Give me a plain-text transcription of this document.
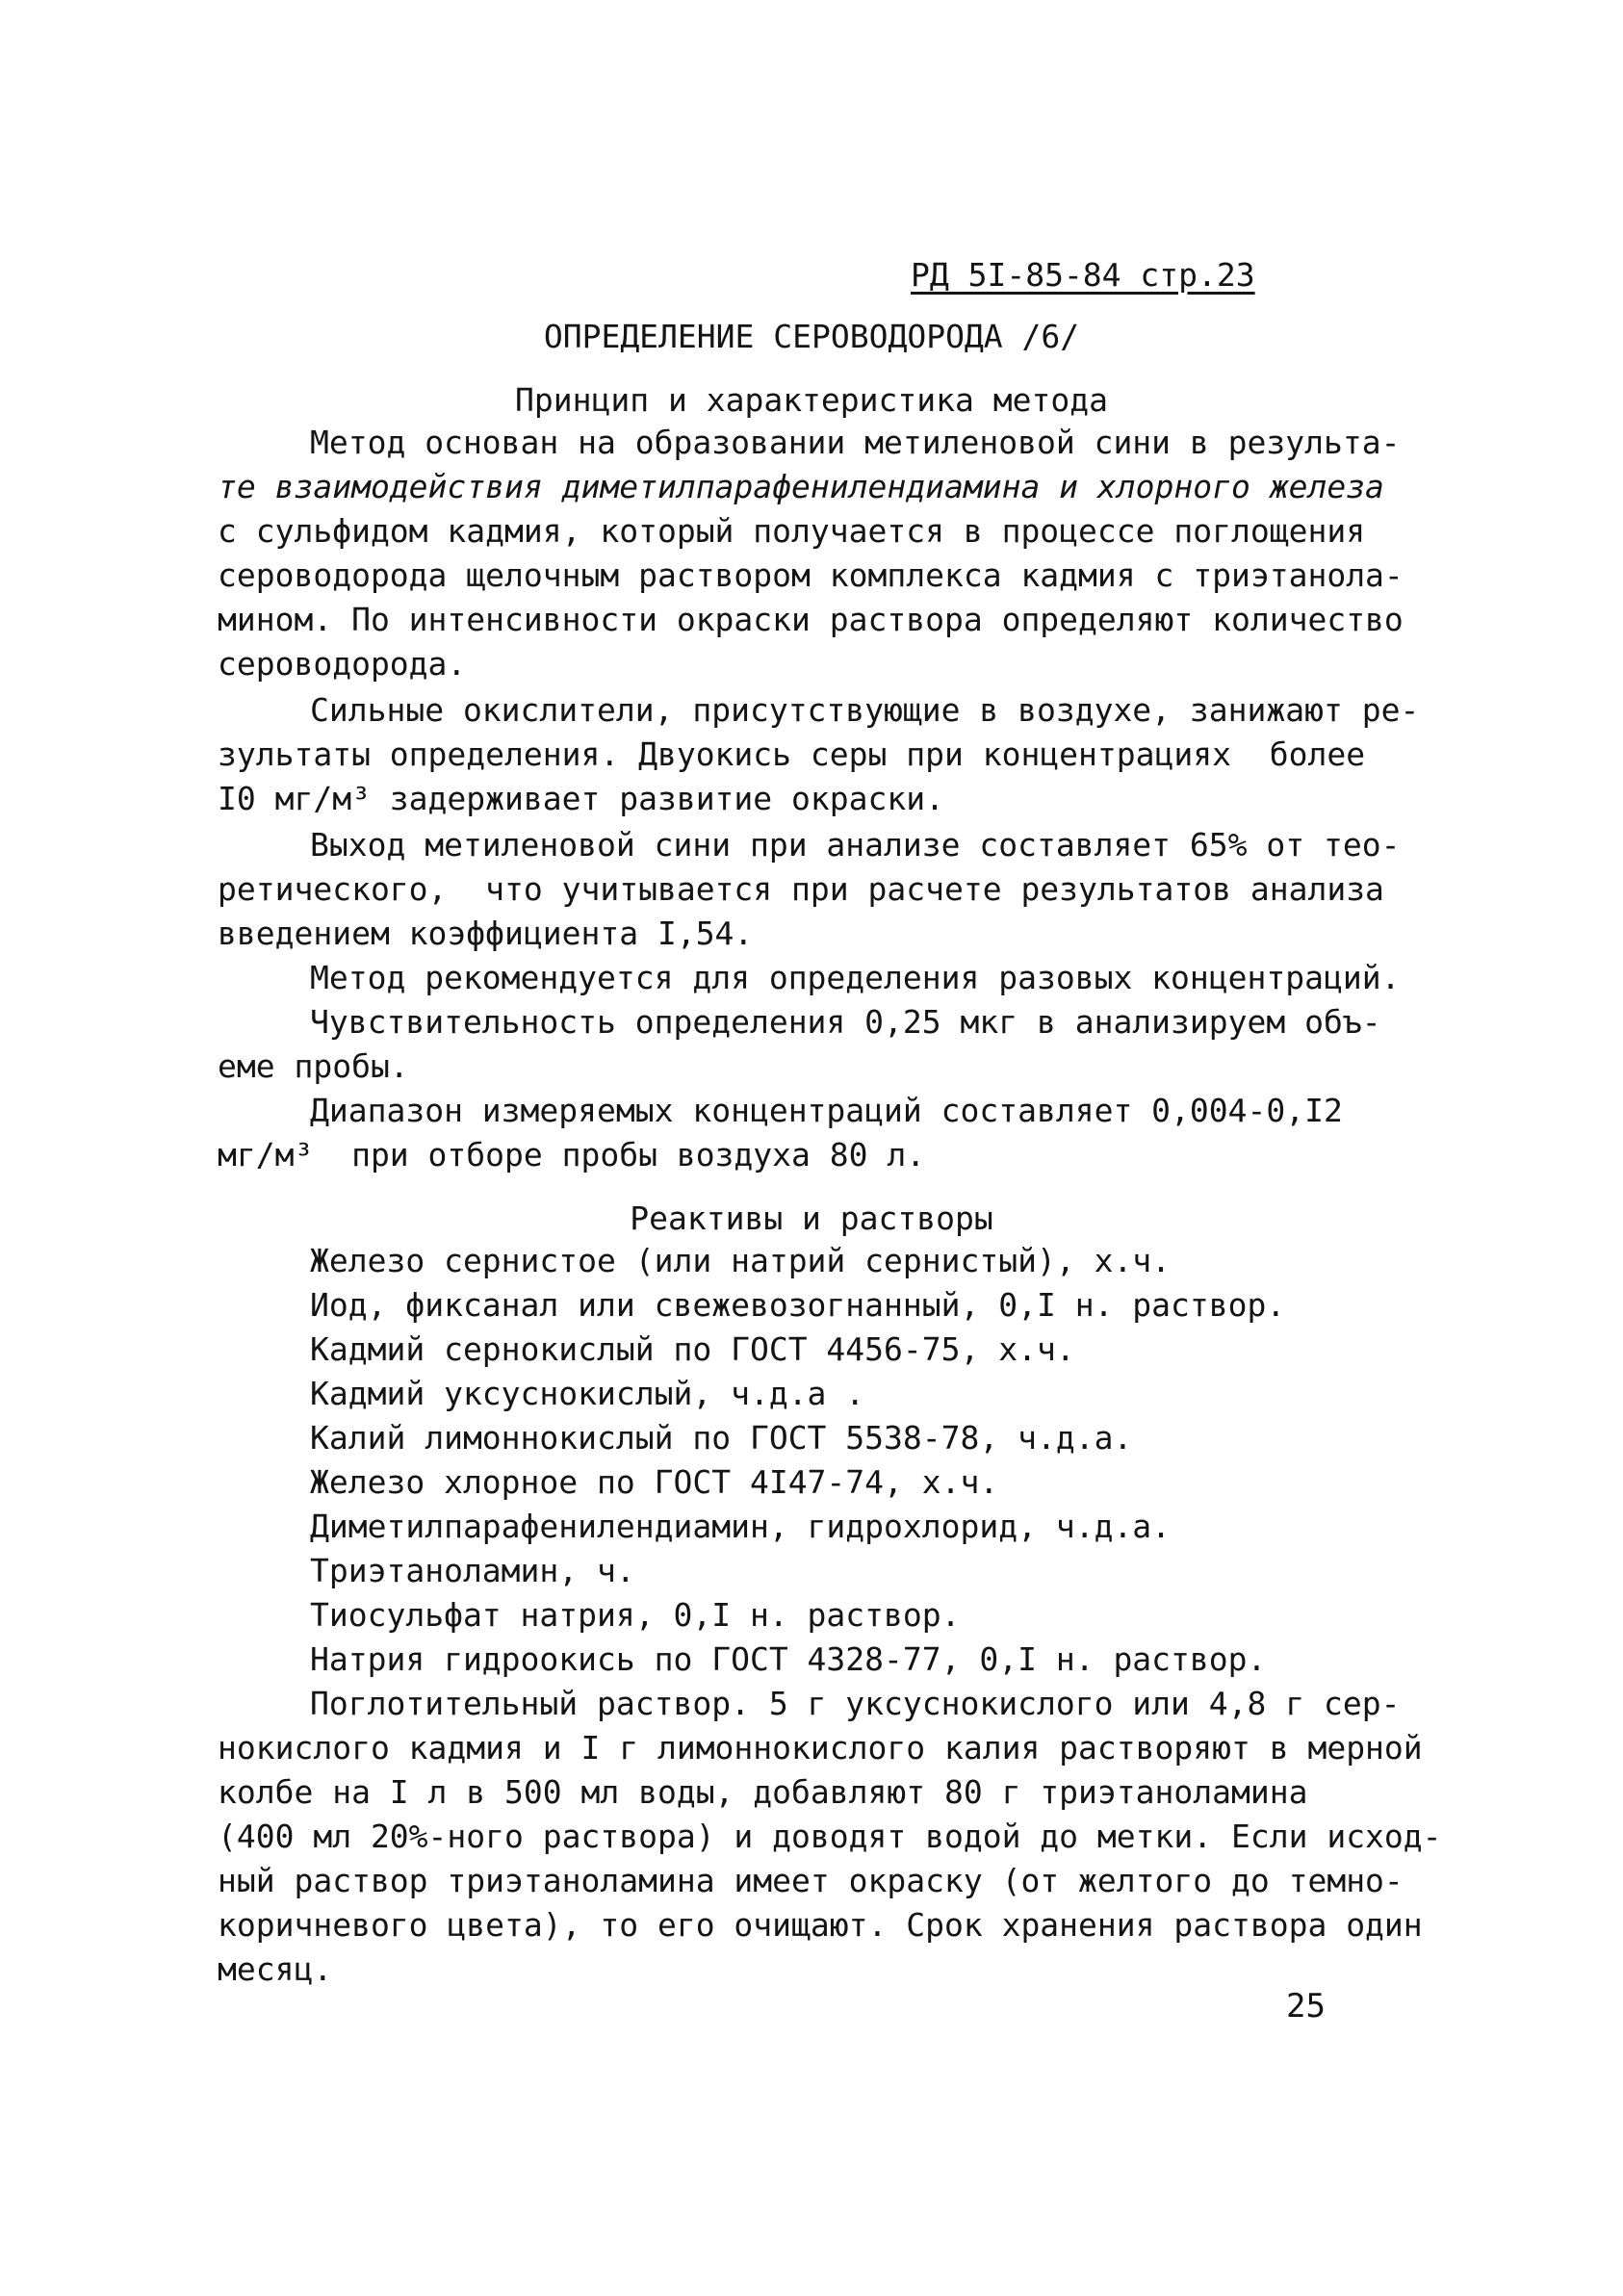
РД 5I-85-84 стр.23
ОПРЕДЕЛЕНИЕ СЕРОВОДОРОДА /6/
Принцип и характеристика метода
Метод основан на образовании метиленовой сини в результа-
те взаимодействия диметилпарафенилендиамина и хлорного железа
с сульфидом кадмия, который получается в процессе поглощения
сероводорода щелочным раствором комплекса кадмия с триэтанола-
мином. По интенсивности окраски раствора определяют количество
сероводорода.
Сильные окислители, присутствующие в воздухе, занижают ре-
зультаты определения. Двуокись серы при концентрациях  более
I0 мг/м³ задерживает развитие окраски.
Выход метиленовой сини при анализе составляет 65% от тео-
ретического,  что учитывается при расчете результатов анализа
введением коэффициента I,54.
Метод рекомендуется для определения разовых концентраций.
Чувствительность определения 0,25 мкг в анализируем объ-
еме пробы.
Диапазон измеряемых концентраций составляет 0,004-0,I2
мг/м³  при отборе пробы воздуха 80 л.
Реактивы и растворы
Железо сернистое (или натрий сернистый), х.ч.
Иод, фиксанал или свежевозогнанный, 0,I н. раствор.
Кадмий сернокислый по ГОСТ 4456-75, х.ч.
Кадмий уксуснокислый, ч.д.а .
Калий лимоннокислый по ГОСТ 5538-78, ч.д.а.
Железо хлорное по ГОСТ 4I47-74, х.ч.
Диметилпарафенилендиамин, гидрохлорид, ч.д.а.
Триэтаноламин, ч.
Тиосульфат натрия, 0,I н. раствор.
Натрия гидроокись по ГОСТ 4328-77, 0,I н. раствор.
Поглотительный раствор. 5 г уксуснокислого или 4,8 г сер-
нокислого кадмия и I г лимоннокислого калия растворяют в мерной
колбе на I л в 500 мл воды, добавляют 80 г триэтаноламина
(400 мл 20%-ного раствора) и доводят водой до метки. Если исход-
ный раствор триэтаноламина имеет окраску (от желтого до темно-
коричневого цвета), то его очищают. Срок хранения раствора один
месяц.
25
